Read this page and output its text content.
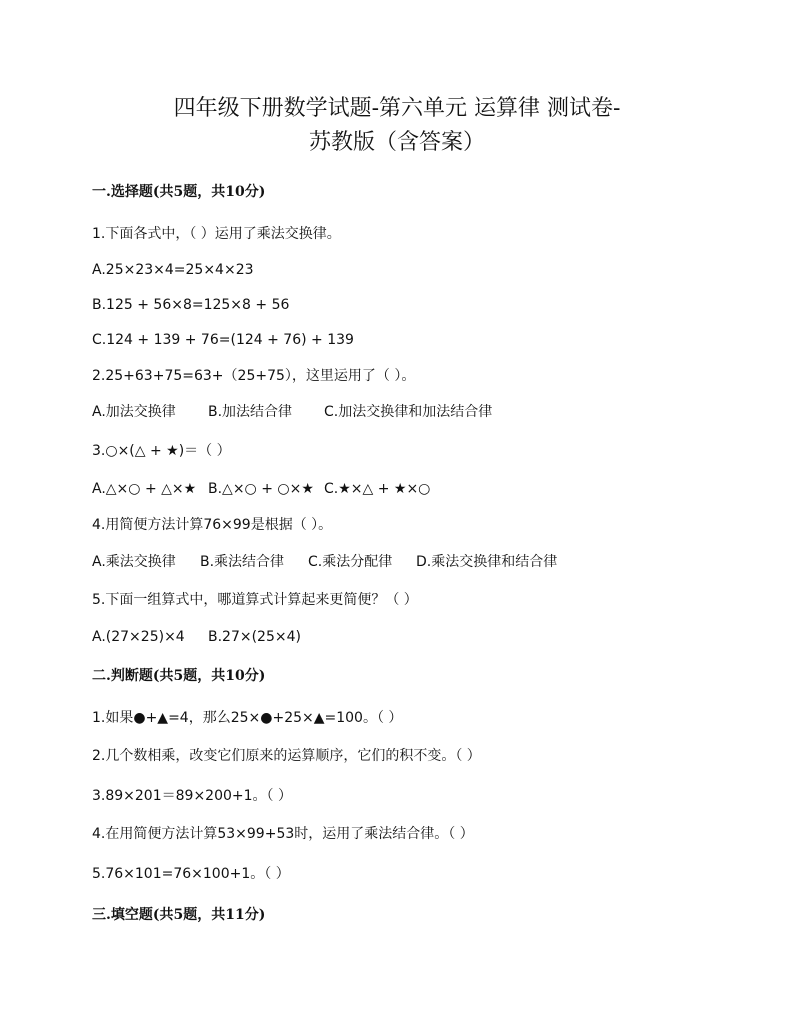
四年级下册数学试题-第六单元 运算律 测试卷-
苏教版（含答案）
一.选择题(共5题，共10分)
1.下面各式中，（ ）运用了乘法交换律。
A.25×23×4=25×4×23
B.125 + 56×8=125×8 + 56
C.124 + 139 + 76=(124 + 76) + 139
2.25+63+75=63+（25+75），这里运用了（ ）。
A.加法交换律 B.加法结合律 C.加法交换律和加法结合律
3.○×(△ + ★)＝（ ）
A.△×○ + △×★ B.△×○ + ○×★ C.★×△ + ★×○
4.用简便方法计算76×99是根据（ ）。
A.乘法交换律 B.乘法结合律 C.乘法分配律 D.乘法交换律和结合律
5.下面一组算式中，哪道算式计算起来更简便？（ ）
A.(27×25)×4 B.27×(25×4)
二.判断题(共5题，共10分)
1.如果●+▲=4，那么25×●+25×▲=100。（ ）
2.几个数相乘，改变它们原来的运算顺序，它们的积不变。（ ）
3.89×201＝89×200+1。（ ）
4.在用简便方法计算53×99+53时，运用了乘法结合律。（ ）
5.76×101=76×100+1。（ ）
三.填空题(共5题，共11分)
